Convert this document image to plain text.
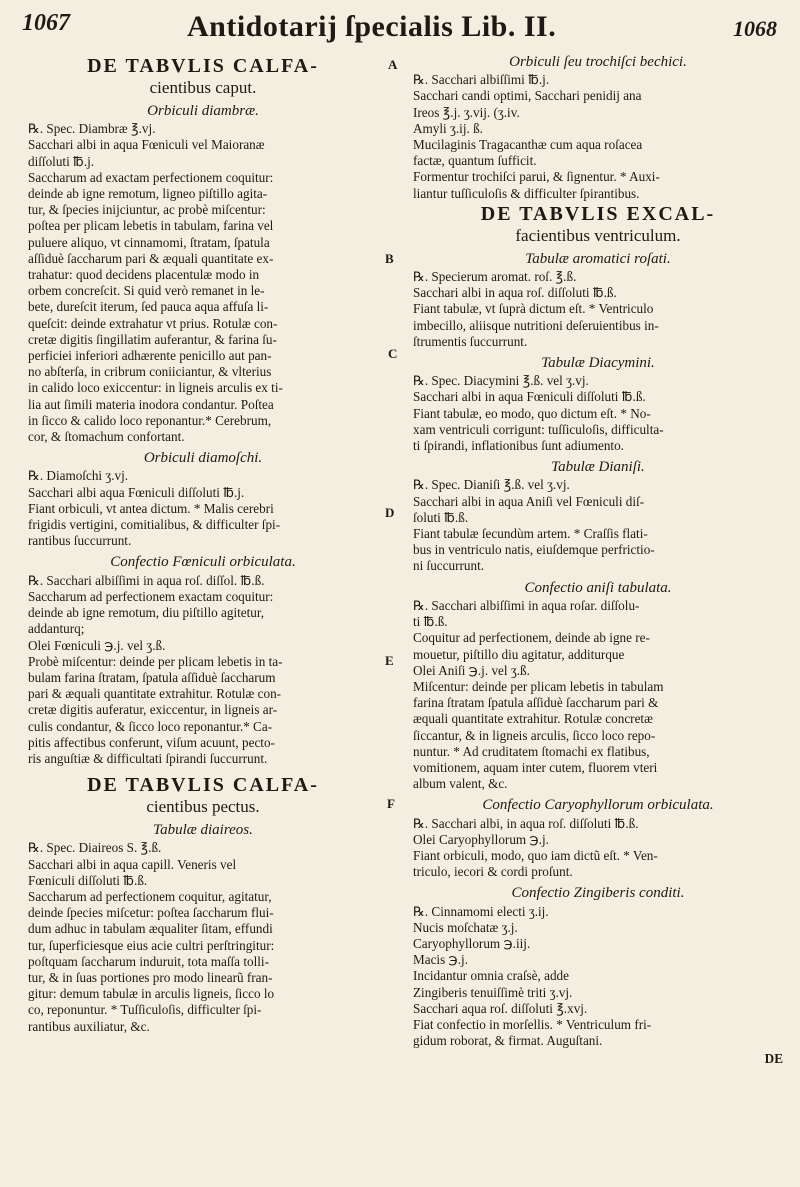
1067	Antidotarij ſpecialis Lib. II.	1068
A
B
C
D
E
F
DE TABVLIS CALFA-
cientibus caput.
Orbiculi diambræ.
℞. Spec. Diambræ ℥.vj.
Sacchari albi in aqua Fœniculi vel Maioranæ
diſſoluti ℔.j.
Saccharum ad exactam perfectionem coquitur:
deinde ab igne remotum, ligneo piſtillo agita-
tur, & ſpecies inijciuntur, ac probè miſcentur:
poſtea per plicam lebetis in tabulam, farina vel
puluere aliquo, vt cinnamomi, ſtratam, ſpatula
aſſiduè ſaccharum pari & æquali quantitate ex-
trahatur: quod decidens placentulæ modo in
orbem concreſcit. Si quid verò remanet in le-
bete, dureſcit iterum, ſed pauca aqua affuſa li-
queſcit: deinde extrahatur vt prius. Rotulæ con-
cretæ digitis ſingillatim auferantur, & farina ſu-
perficiei inferiori adhærente penicillo aut pan-
no abſterſa, in cribrum coniiciantur, & vlterius
in calido loco exiccentur: in ligneis arculis ex ti-
lia aut ſimili materia inodora condantur. Poſtea
in ſicco & calido loco reponantur.* Cerebrum,
cor, & ſtomachum confortant.
Orbiculi diamoſchi.
℞. Diamoſchi ʒ.vj.
Sacchari albi aqua Fœniculi diſſoluti ℔.j.
Fiant orbiculi, vt antea dictum. * Malis cerebri
frigidis vertigini, comitialibus, & difficulter ſpi-
rantibus ſuccurrunt.
Confectio Fœniculi orbiculata.
℞. Sacchari albiſſimi in aqua roſ. diſſol. ℔.ß.
Saccharum ad perfectionem exactam coquitur:
deinde ab igne remotum, diu piſtillo agitetur,
addanturq;
Olei Fœniculi ℈.j. vel ʒ.ß.
Probè miſcentur: deinde per plicam lebetis in ta-
bulam farina ſtratam, ſpatula aſſiduè ſaccharum
pari & æquali quantitate extrahitur. Rotulæ con-
cretæ digitis auferatur, exiccentur, in ligneis ar-
culis condantur, & ſicco loco reponantur.* Ca-
pitis affectibus conferunt, viſum acuunt, pecto-
ris anguſtiæ & difficultati ſpirandi ſuccurrunt.
DE TABVLIS CALFA-
cientibus pectus.
Tabulæ diaireos.
℞. Spec. Diaireos S. ℥.ß.
Sacchari albi in aqua capill. Veneris vel
Fœniculi diſſoluti ℔.ß.
Saccharum ad perfectionem coquitur, agitatur,
deinde ſpecies miſcetur: poſtea ſaccharum flui-
dum adhuc in tabulam æqualiter ſitam, effundi
tur, ſuperficiesque eius acie cultri perſtringitur:
poſtquam ſaccharum induruit, tota maſſa tolli-
tur, & in ſuas portiones pro modo linearũ fran-
gitur: demum tabulæ in arculis ligneis, ſicco lo
co, reponuntur. * Tuſſiculoſis, difficulter ſpi-
rantibus auxiliatur, &c.
Orbiculi ſeu trochiſci bechici.
℞. Sacchari albiſſimi ℔.j.
Sacchari candi optimi, Sacchari penidij ana
Ireos ℥.j. ʒ.vij. (ʒ.iv.
Amyli ʒ.ij. ß.
Mucilaginis Tragacanthæ cum aqua roſacea
factæ, quantum ſufficit.
Formentur trochiſci parui, & ſignentur. * Auxi-
liantur tuſſiculoſis & difficulter ſpirantibus.
DE TABVLIS EXCAL-
facientibus ventriculum.
Tabulæ aromatici roſati.
℞. Specierum aromat. roſ. ℥.ß.
Sacchari albi in aqua roſ. diſſoluti ℔.ß.
Fiant tabulæ, vt ſuprà dictum eſt. * Ventriculo
imbecillo, aliisque nutritioni deſeruientibus in-
ſtrumentis ſuccurrunt.
Tabulæ Diacymini.
℞. Spec. Diacymini ℥.ß. vel ʒ.vj.
Sacchari albi in aqua Fœniculi diſſoluti ℔.ß.
Fiant tabulæ, eo modo, quo dictum eſt. * No-
xam ventriculi corrigunt: tuſſiculoſis, difficulta-
ti ſpirandi, inflationibus ſunt adiumento.
Tabulæ Dianiſi.
℞. Spec. Dianiſi ℥.ß. vel ʒ.vj.
Sacchari albi in aqua Aniſi vel Fœniculi diſ-
ſoluti ℔.ß.
Fiant tabulæ ſecundùm artem. * Craſſis flati-
bus in ventriculo natis, eiuſdemque perfrictio-
ni ſuccurrunt.
Confectio aniſi tabulata.
℞. Sacchari albiſſimi in aqua roſar. diſſolu-
ti ℔.ß.
Coquitur ad perfectionem, deinde ab igne re-
mouetur, piſtillo diu agitatur, additurque
Olei Aniſi ℈.j. vel ʒ.ß.
Miſcentur: deinde per plicam lebetis in tabulam
farina ſtratam ſpatula aſſiduè ſaccharum pari &
æquali quantitate extrahitur. Rotulæ concretæ
ſiccantur, & in ligneis arculis, ſicco loco repo-
nuntur. * Ad cruditatem ſtomachi ex flatibus,
vomitionem, aquam inter cutem, fluorem vteri
album valent, &c.
Confectio Caryophyllorum orbiculata.
℞. Sacchari albi, in aqua roſ. diſſoluti ℔.ß.
Olei Caryophyllorum ℈.j.
Fiant orbiculi, modo, quo iam dictũ eſt. * Ven-
triculo, iecori & cordi proſunt.
Confectio Zingiberis conditi.
℞. Cinnamomi electi ʒ.ij.
Nucis moſchatæ ʒ.j.
Caryophyllorum ℈.iij.
Macis ℈.j.
Incidantur omnia craſsè, adde
Zingiberis tenuiſſimè triti ʒ.vj.
Sacchari aqua roſ. diſſoluti ℥.xvj.
Fiat confectio in morſellis. * Ventriculum fri-
gidum roborat, & firmat. Auguſtani.
DE
